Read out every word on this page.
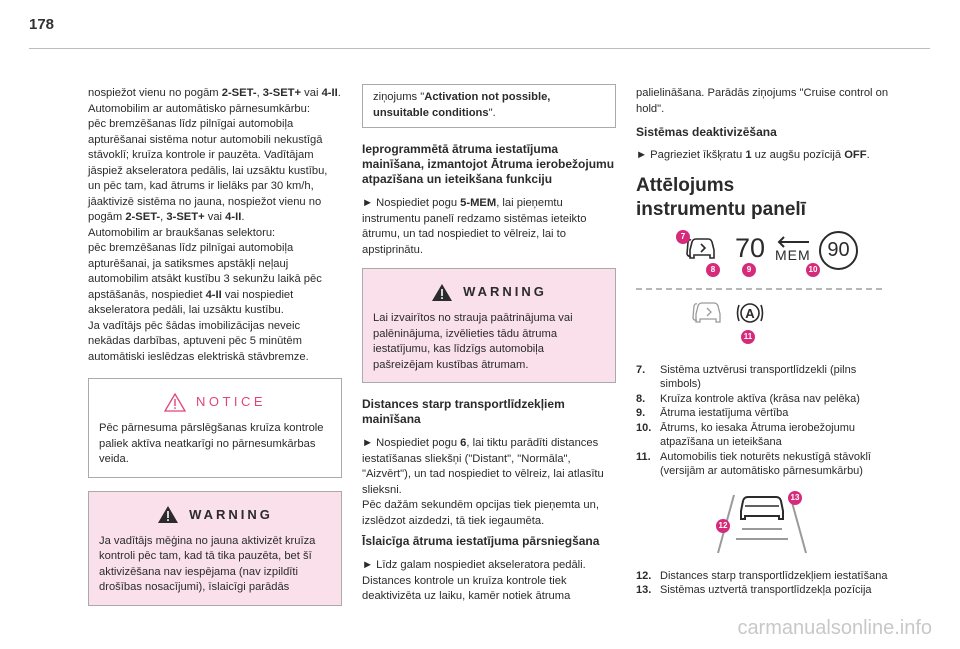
178

nospiežot vienu no pogām 2-SET-, 3-SET+ vai 4-II.

Automobilim ar automātisko pārnesumkārbu:

pēc bremzēšanas līdz pilnīgai automobiļa apturēšanai sistēma notur automobili nekustīgā stāvoklī; kruīza kontrole ir pauzēta. Vadītājam jāspiež akseleratora pedālis, lai uzsāktu kustību, un pēc tam, kad ātrums ir lielāks par 30 km/h, jāaktivizē sistēma no jauna, nospiežot vienu no pogām 2-SET-, 3-SET+ vai 4-II.

Automobilim ar braukšanas selektoru:

pēc bremzēšanas līdz pilnīgai automobiļa apturēšanai, ja satiksmes apstākļi neļauj automobilim atsākt kustību 3 sekunžu laikā pēc apstāšanās, nospiediet 4-II vai nospiediet akseleratora pedāli, lai uzsāktu kustību.

Ja vadītājs pēc šādas imobilizācijas neveic nekādas darbības, aptuveni pēc 5 minūtēm automātiski ieslēdzas elektriskā stāvbremze.

NOTICE

Pēc pārnesuma pārslēgšanas kruīza kontrole paliek aktīva neatkarīgi no pārnesumkārbas veida.

WARNING

Ja vadītājs mēģina no jauna aktivizēt kruīza kontroli pēc tam, kad tā tika pauzēta, bet šī aktivizēšana nav iespējama (nav izpildīti drošības nosacījumi), īslaicīgi parādās

ziņojums "Activation not possible, unsuitable conditions".

Ieprogrammētā ātruma iestatījuma mainīšana, izmantojot Ātruma ierobežojumu atpazīšana un ieteikšana funkciju

► Nospiediet pogu 5-MEM, lai pieņemtu instrumentu panelī redzamo sistēmas ieteikto ātrumu, un tad nospiediet to vēlreiz, lai to apstiprinātu.

WARNING

Lai izvairītos no strauja paātrinājuma vai palēninājuma, izvēlieties tādu ātruma iestatījumu, kas līdzīgs automobiļa pašreizējam kustības ātrumam.

Distances starp transportlīdzekļiem mainīšana

► Nospiediet pogu 6, lai tiktu parādīti distances iestatīšanas sliekšņi ("Distant", "Normāla", "Aizvērt"), un tad nospiediet to vēlreiz, lai atlasītu slieksni.

Pēc dažām sekundēm opcijas tiek pieņemta un, izslēdzot aizdedzi, tā tiek iegaumēta.

Īslaicīga ātruma iestatījuma pārsniegšana

► Līdz galam nospiediet akseleratora pedāli. Distances kontrole un kruīza kontrole tiek deaktivizēta uz laiku, kamēr notiek ātruma

palielināšana. Parādās ziņojums "Cruise control on hold".

Sistēmas deaktivizēšana

► Pagrieziet īkšķratu 1 uz augšu pozīcijā OFF.

Attēlojums instrumentu panelī
70 MEM 90
7
8	9	10
A
11
7.	Sistēma uztvērusi transportlīdzekli (pilns simbols)
8.	Kruīza kontrole aktīva (krāsa nav pelēka)
9.	Ātruma iestatījuma vērtība
10. Ātrums, ko iesaka Ātruma ierobežojumu atpazīšana un ieteikšana
11. Automobilis tiek noturēts nekustīgā stāvoklī (versijām ar automātisko pārnesumkārbu)
13
12
12. Distances starp transportlīdzekļiem iestatīšana
13. Sistēmas uztvertā transportlīdzekļa pozīcija
carmanualsonline.info
